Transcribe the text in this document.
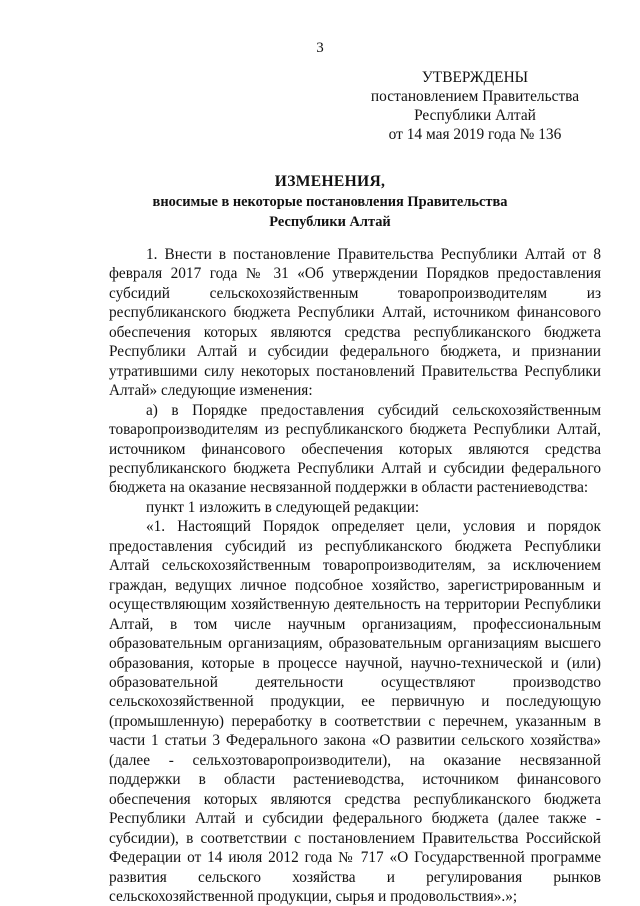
3
УТВЕРЖДЕНЫ
постановлением Правительства
Республики Алтай
от 14 мая 2019 года № 136
ИЗМЕНЕНИЯ,
вносимые в некоторые постановления Правительства
Республики Алтай

1. Внести в постановление Правительства Республики Алтай от 8 февраля 2017 года № 31 «Об утверждении Порядков предоставления субсидий сельскохозяйственным товаропроизводителям из республиканского бюджета Республики Алтай, источником финансового обеспечения которых являются средства республиканского бюджета Республики Алтай и субсидии федерального бюджета, и признании утратившими силу некоторых постановлений Правительства Республики Алтай» следующие изменения:

а) в Порядке предоставления субсидий сельскохозяйственным товаропроизводителям из республиканского бюджета Республики Алтай, источником финансового обеспечения которых являются средства республиканского бюджета Республики Алтай и субсидии федерального бюджета на оказание несвязанной поддержки в области растениеводства:

пункт 1 изложить в следующей редакции:

«1. Настоящий Порядок определяет цели, условия и порядок предоставления субсидий из республиканского бюджета Республики Алтай сельскохозяйственным товаропроизводителям, за исключением граждан, ведущих личное подсобное хозяйство, зарегистрированным и осуществляющим хозяйственную деятельность на территории Республики Алтай, в том числе научным организациям, профессиональным образовательным организациям, образовательным организациям высшего образования, которые в процессе научной, научно-технической и (или) образовательной деятельности осуществляют производство сельскохозяйственной продукции, ее первичную и последующую (промышленную) переработку в соответствии с перечнем, указанным в части 1 статьи 3 Федерального закона «О развитии сельского хозяйства» (далее - сельхозтоваропроизводители), на оказание несвязанной поддержки в области растениеводства, источником финансового обеспечения которых являются средства республиканского бюджета Республики Алтай и субсидии федерального бюджета (далее также - субсидии), в соответствии с постановлением Правительства Российской Федерации от 14 июля 2012 года № 717 «О Государственной программе развития сельского хозяйства и регулирования рынков сельскохозяйственной продукции, сырья и продовольствия».»;
